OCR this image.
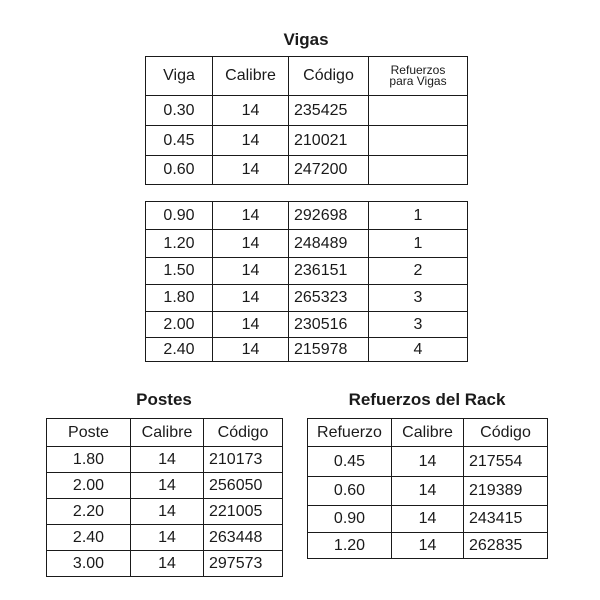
Vigas
Viga	Calibre	Código	Refuerzos
para Vigas

0.30	14	235425	
0.45	14	210021	
0.60	14	247200	
0.90	14	292698	1
1.20	14	248489	1
1.50	14	236151	2
1.80	14	265323	3
2.00	14	230516	3
2.40	14	215978	4
Postes
Poste	Calibre	Código
1.80	14	210173
2.00	14	256050
2.20	14	221005
2.40	14	263448
3.00	14	297573
Refuerzos del Rack
Refuerzo	Calibre	Código
0.45	14	217554
0.60	14	219389
0.90	14	243415
1.20	14	262835
